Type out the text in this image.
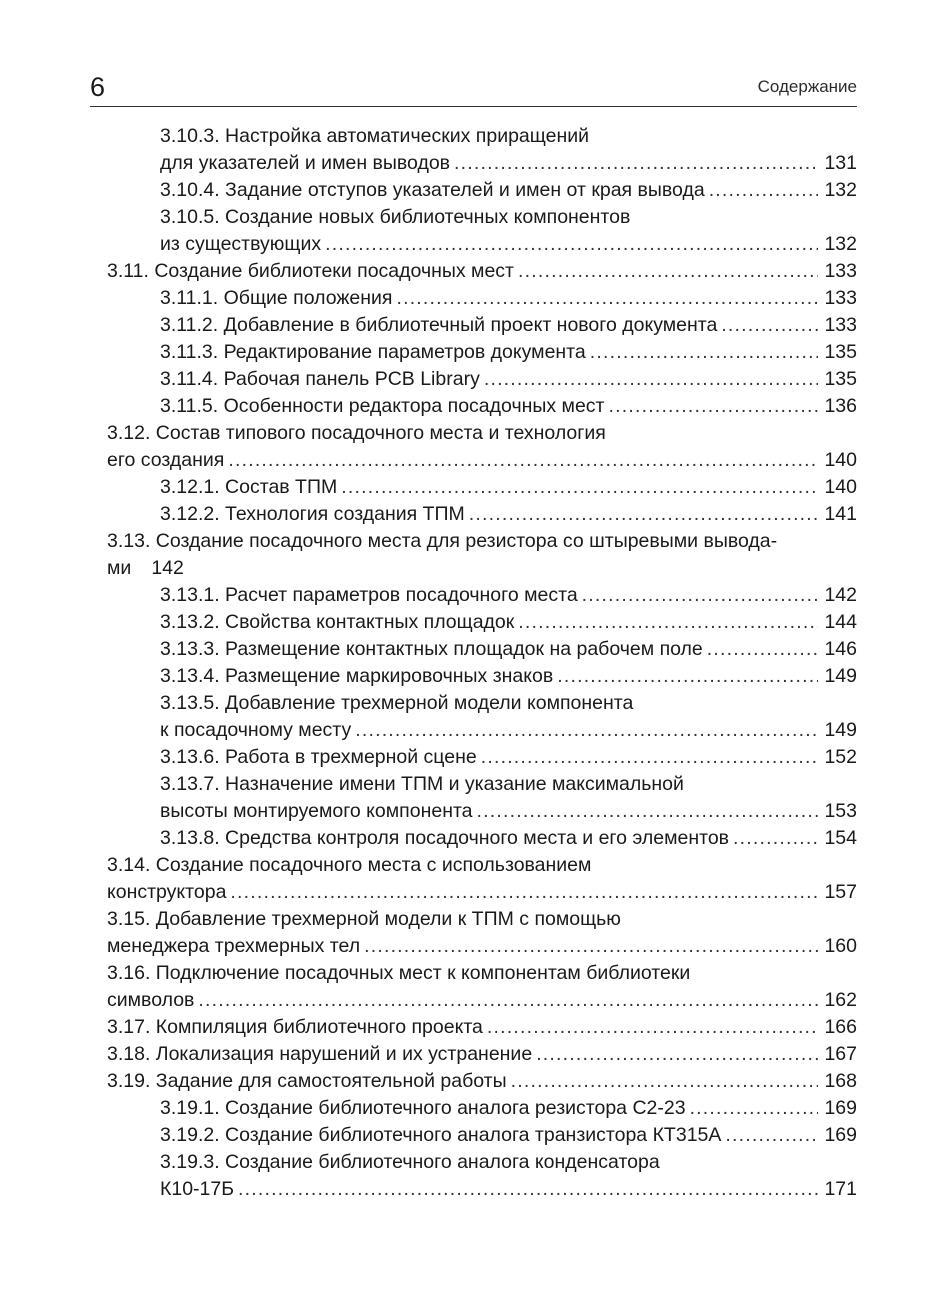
6	Содержание
3.10.3. Настройка автоматических приращений
для указателей и имен выводов .....	131
3.10.4. Задание отступов указателей и имен от края вывода .....	132
3.10.5. Создание новых библиотечных компонентов
из существующих .....	132
3.11. Создание библиотеки посадочных мест .....	133
3.11.1. Общие положения .....	133
3.11.2. Добавление в библиотечный проект нового документа .....	133
3.11.3. Редактирование параметров документа .....	135
3.11.4. Рабочая панель PCB Library .....	135
3.11.5. Особенности редактора посадочных мест .....	136
3.12. Состав типового посадочного места и технология
его создания .....	140
3.12.1. Состав ТПМ .....	140
3.12.2. Технология создания ТПМ .....	141
3.13. Создание посадочного места для резистора со штыревыми вывода-
ми 142
3.13.1. Расчет параметров посадочного места .....	142
3.13.2. Свойства контактных площадок .....	144
3.13.3. Размещение контактных площадок на рабочем поле .....	146
3.13.4. Размещение маркировочных знаков .....	149
3.13.5. Добавление трехмерной модели компонента
к посадочному месту .....	149
3.13.6. Работа в трехмерной сцене .....	152
3.13.7. Назначение имени ТПМ и указание максимальной
высоты монтируемого компонента .....	153
3.13.8. Средства контроля посадочного места и его элементов .....	154
3.14. Создание посадочного места с использованием
конструктора .....	157
3.15. Добавление трехмерной модели к ТПМ с помощью
менеджера трехмерных тел .....	160
3.16. Подключение посадочных мест к компонентам библиотеки
символов .....	162
3.17. Компиляция библиотечного проекта .....	166
3.18. Локализация нарушений и их устранение .....	167
3.19. Задание для самостоятельной работы .....	168
3.19.1. Создание библиотечного аналога резистора С2-23 .....	169
3.19.2. Создание библиотечного аналога транзистора КТ315А .....	169
3.19.3. Создание библиотечного аналога конденсатора
К10-17Б .....	171
